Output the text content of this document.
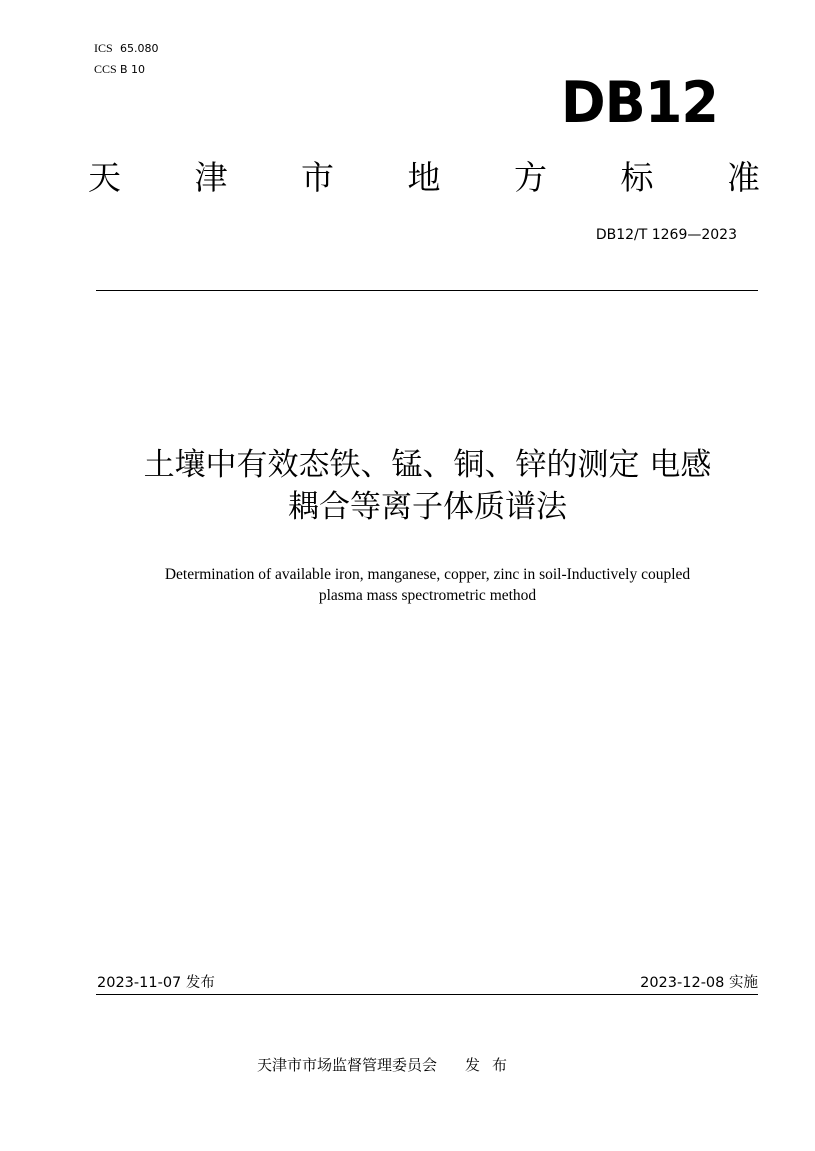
ICS 65.080
CCS B 10	DB12
天 津 市 地 方 标 准
DB12/T 1269—2023
土壤中有效态铁、锰、铜、锌的测定 电感
耦合等离子体质谱法
Determination of available iron, manganese, copper, zinc in soil-Inductively coupled
plasma mass spectrometric method
2023-11-07 发布	2023-12-08 实施
天津市市场监督管理委员会 发布
